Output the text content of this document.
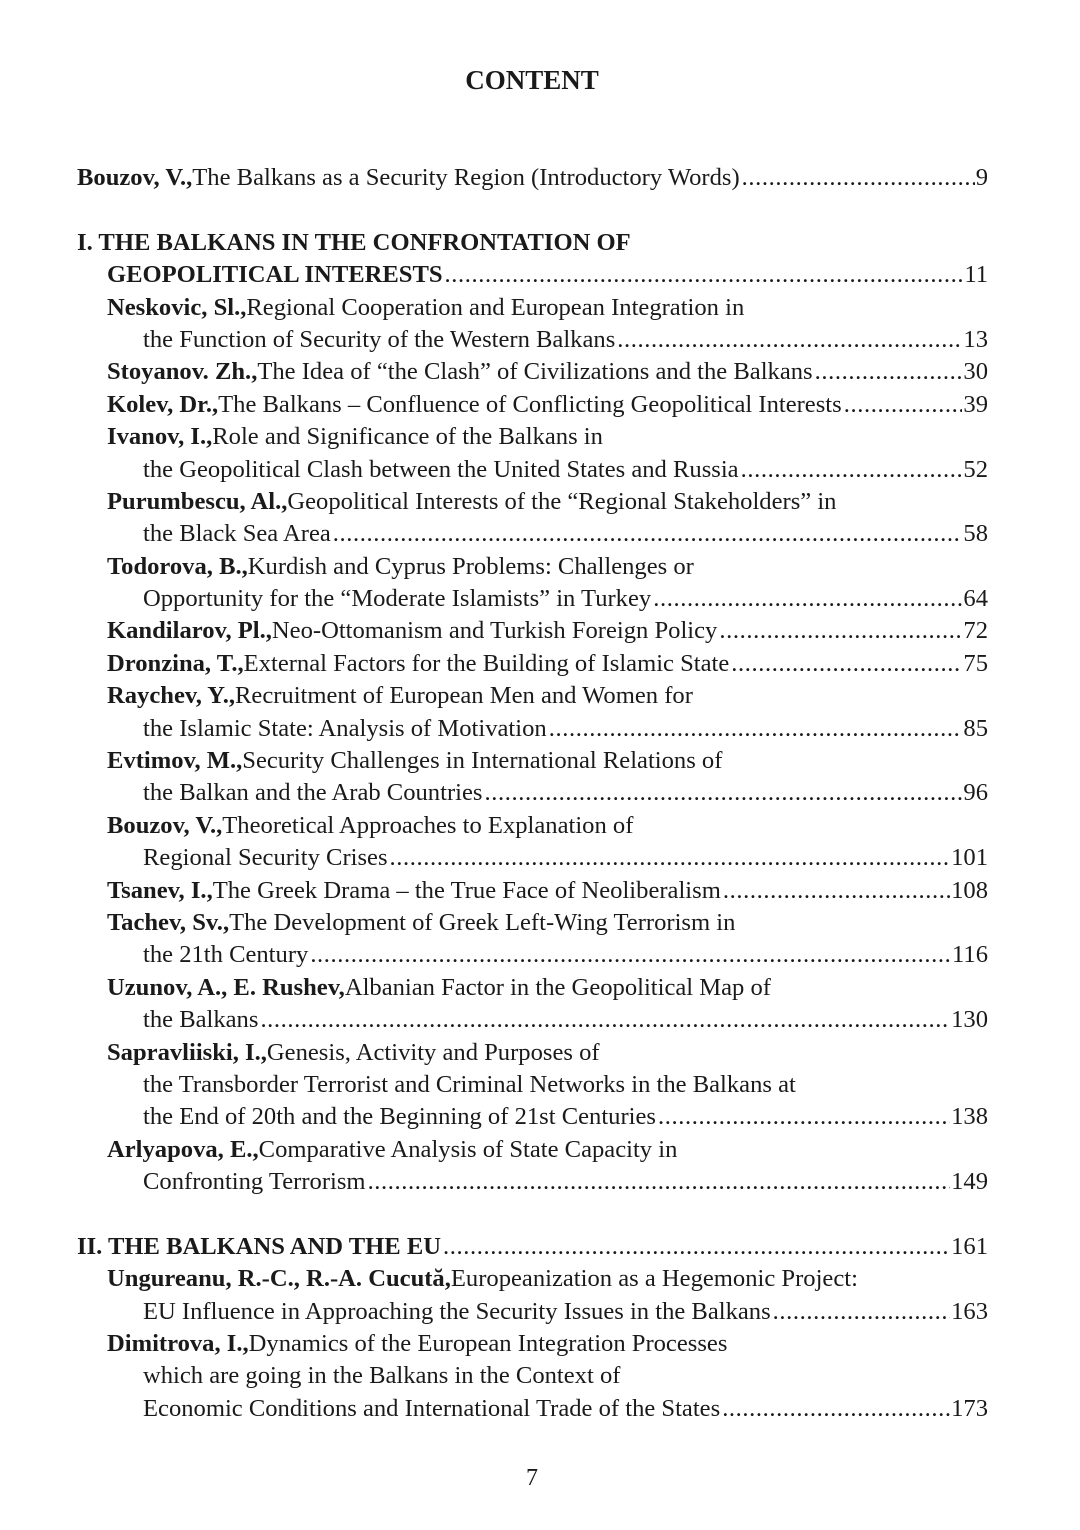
CONTENT
Bouzov, V., The Balkans as a Security Region (Introductory Words) .....	9
I. THE BALKANS IN THE CONFRONTATION OF
GEOPOLITICAL INTERESTS .....	11
Neskovic, Sl., Regional Cooperation and European Integration in
the Function of Security of the Western Balkans .....	13
Stoyanov. Zh., The Idea of “the Clash” of Civilizations and the Balkans .....	30
Kolev, Dr., The Balkans – Confluence of Conflicting Geopolitical Interests .....	39
Ivanov, I., Role and Significance of the Balkans in
the Geopolitical Clash between the United States and Russia .....	52
Purumbescu, Al., Geopolitical Interests of the “Regional Stakeholders” in
the Black Sea Area .....	58
Todorova, B., Kurdish and Cyprus Problems: Challenges or
Opportunity for the “Moderate Islamists” in Turkey .....	64
Kandilarov, Pl., Neo-Ottomanism and Turkish Foreign Policy .....	72
Dronzina, T., External Factors for the Building of Islamic State .....	75
Raychev, Y., Recruitment of European Men and Women for
the Islamic State: Analysis of Motivation .....	85
Evtimov, M., Security Challenges in International Relations of
the Balkan and the Arab Countries .....	96
Bouzov, V., Theoretical Approaches to Explanation of
Regional Security Crises .....	101
Tsanev, I., The Greek Drama – the True Face of Neoliberalism .....	108
Tachev, Sv., The Development of Greek Left-Wing Terrorism in
the 21th Century .....	116
Uzunov, A., E. Rushev, Albanian Factor in the Geopolitical Map of
the Balkans .....	130
Sapravliiski, I., Genesis, Activity and Purposes of
the Transborder Terrorist and Criminal Networks in the Balkans at
the End of 20th and the Beginning of 21st Centuries .....	138
Arlyapova, E., Comparative Analysis of State Capacity in
Confronting Terrorism .....	149
II. THE BALKANS AND THE EU .....	161
Ungureanu, R.-C., R.-A. Cucută, Europeanization as a Hegemonic Project:
EU Influence in Approaching the Security Issues in the Balkans .....	163
Dimitrova, I., Dynamics of the European Integration Processes
which are going in the Balkans in the Context of
Economic Conditions and International Trade of the States .....	173
7
